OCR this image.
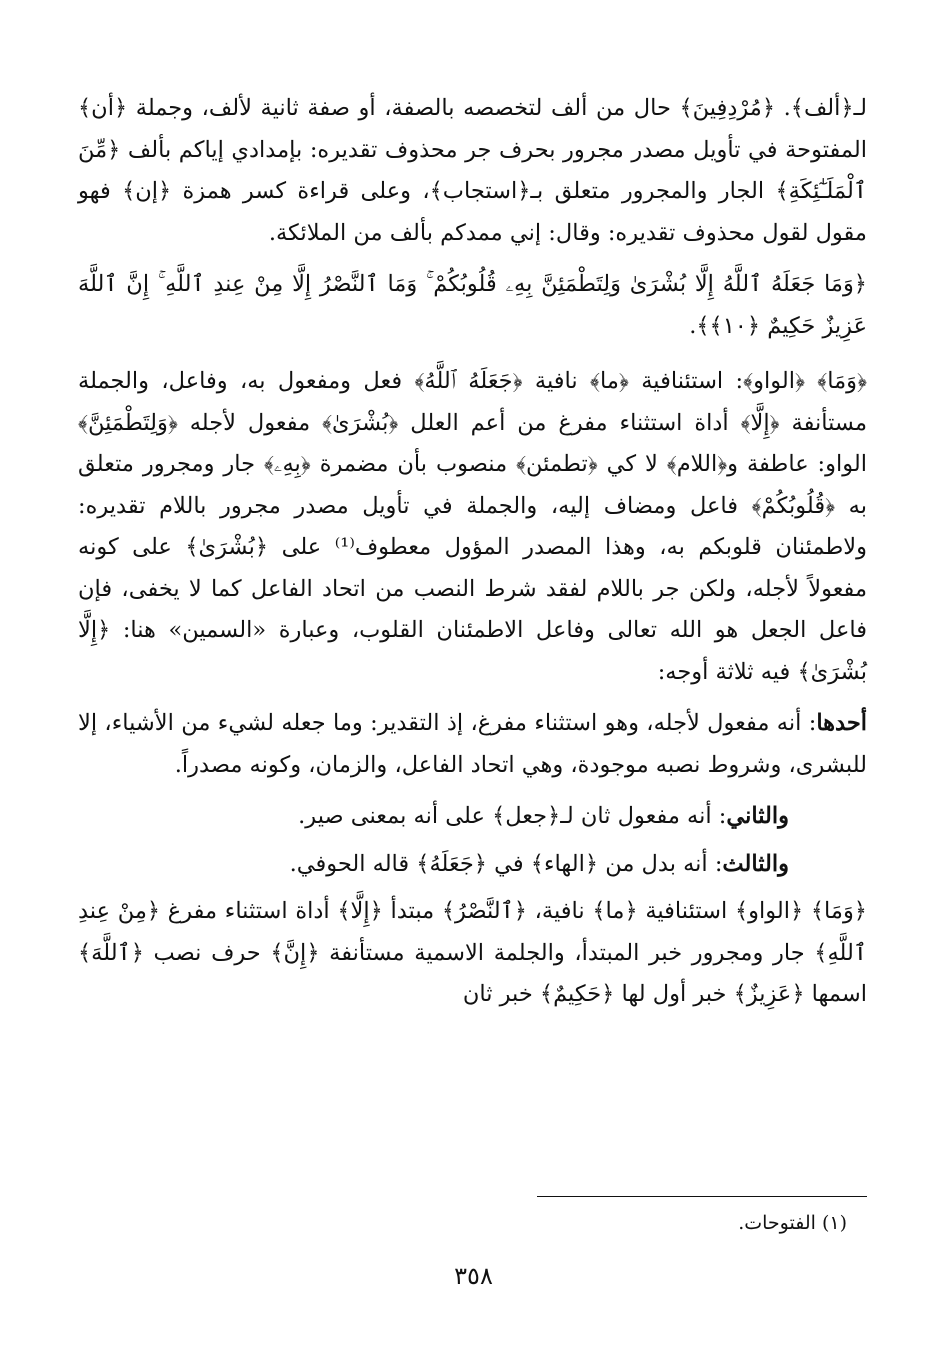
لـ﴿ألف﴾. ﴿مُرْدِفِينَ﴾ حال من ألف لتخصصه بالصفة، أو صفة ثانية لألف، وجملة ﴿أن﴾ المفتوحة في تأويل مصدر مجرور بحرف جر محذوف تقديره: بإمدادي إياكم بألف ﴿مِّنَ ٱلْمَلَـٰٓئِكَةِ﴾ الجار والمجرور متعلق بـ﴿استجاب﴾، وعلى قراءة كسر همزة ﴿إن﴾ فهو مقول لقول محذوف تقديره: وقال: إني ممدكم بألف من الملائكة.

﴿وَمَا جَعَلَهُ ٱللَّهُ إِلَّا بُشْرَىٰ وَلِتَطْمَئِنَّ بِهِۦ قُلُوبُكُمْ ۚ وَمَا ٱلنَّصْرُ إِلَّا مِنْ عِندِ ٱللَّهِ ۚ إِنَّ ٱللَّهَ عَزِيزٌ حَكِيمٌ ﴿١٠﴾﴾.

﴿وَمَا﴾ ﴿الواو﴾: استئنافية ﴿ما﴾ نافية ﴿جَعَلَهُ ٱللَّهُ﴾ فعل ومفعول به، وفاعل، والجملة مستأنفة ﴿إِلَّا﴾ أداة استثناء مفرغ من أعم العلل ﴿بُشْرَىٰ﴾ مفعول لأجله ﴿وَلِتَطْمَئِنَّ﴾ الواو: عاطفة و﴿اللام﴾ لا كي ﴿تطمئن﴾ منصوب بأن مضمرة ﴿بِهِۦ﴾ جار ومجرور متعلق به ﴿قُلُوبُكُمْ﴾ فاعل ومضاف إليه، والجملة في تأويل مصدر مجرور باللام تقديره: ولاطمئنان قلوبكم به، وهذا المصدر المؤول معطوف⁽¹⁾ على ﴿بُشْرَىٰ﴾ على كونه مفعولاً لأجله، ولكن جر باللام لفقد شرط النصب من اتحاد الفاعل كما لا يخفى، فإن فاعل الجعل هو الله تعالى وفاعل الاطمئنان القلوب، وعبارة «السمين» هنا: ﴿إِلَّا بُشْرَىٰ﴾ فيه ثلاثة أوجه:

أحدها: أنه مفعول لأجله، وهو استثناء مفرغ، إذ التقدير: وما جعله لشيء من الأشياء، إلا للبشرى، وشروط نصبه موجودة، وهي اتحاد الفاعل، والزمان، وكونه مصدراً.

والثاني: أنه مفعول ثان لـ﴿جعل﴾ على أنه بمعنى صير.

والثالث: أنه بدل من ﴿الهاء﴾ في ﴿جَعَلَهُ﴾ قاله الحوفي.

﴿وَمَا﴾ ﴿الواو﴾ استئنافية ﴿ما﴾ نافية، ﴿ٱلنَّصْرُ﴾ مبتدأ ﴿إِلَّا﴾ أداة استثناء مفرغ ﴿مِنْ عِندِ ٱللَّهِ﴾ جار ومجرور خبر المبتدأ، والجلمة الاسمية مستأنفة ﴿إِنَّ﴾ حرف نصب ﴿ٱللَّهَ﴾ اسمها ﴿عَزِيزٌ﴾ خبر أول لها ﴿حَكِيمٌ﴾ خبر ثان

(١) الفتوحات.
٣٥٨
